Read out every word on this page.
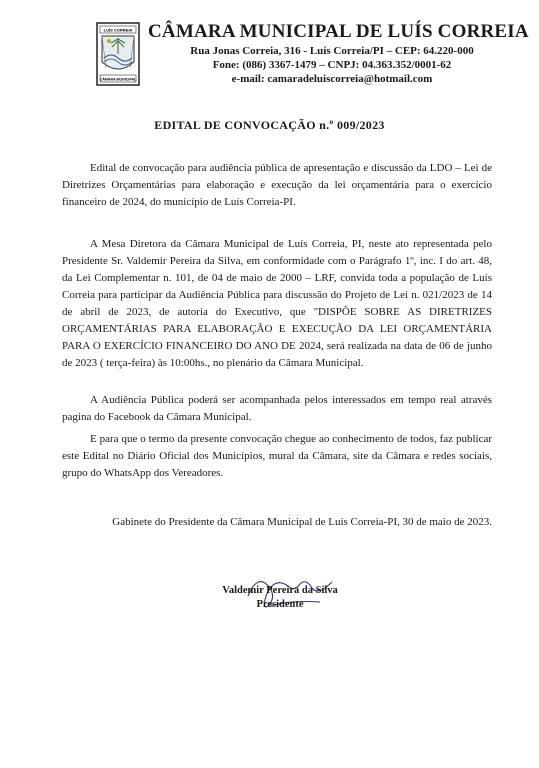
LUÍS CORREIA
CÂMARA MUNICIPAL
CÂMARA MUNICIPAL DE LUÍS CORREIA
Rua Jonas Correia, 316 - Luís Correia/PI – CEP: 64.220-000
Fone: (086) 3367-1479 – CNPJ: 04.363.352/0001-62
e-mail: camaradeluiscorreia@hotmail.com
EDITAL DE CONVOCAÇÃO n.º 009/2023

Edital de convocação para audiência pública de apresentação e discussão da LDO – Lei de Diretrizes Orçamentárias para elaboração e execução da lei orçamentária para o exercício financeiro de 2024, do município de Luís Correia-PI.

A Mesa Diretora da Câmara Municipal de Luís Correia, PI, neste ato representada pelo Presidente Sr. Valdemir Pereira da Silva, em conformidade com o Parágrafo 1º, inc. I do art. 48, da Lei Complementar n. 101, de 04 de maio de 2000 – LRF, convida toda a população de Luís Correia para participar da Audiência Pública para discussão do Projeto de Lei n. 021/2023 de 14 de abril de 2023, de autoria do Executivo, que "DISPÕE SOBRE AS DIRETRIZES ORÇAMENTÁRIAS PARA ELABORAÇÃO E EXECUÇÃO DA LEI ORÇAMENTÁRIA PARA O EXERCÍCIO FINANCEIRO DO ANO DE 2024, será realizada na data de 06 de junho de 2023 ( terça-feira) às 10:00hs., no plenário da Câmara Municipal.

A Audiência Pública poderá ser acompanhada pelos interessados em tempo real através pagina do Facebook da Câmara Municipal.

E para que o termo da presente convocação chegue ao conhecimento de todos, faz publicar este Edital no Diário Oficial dos Municípios, mural da Câmara, site da Câmara e redes sociais, grupo do WhatsApp dos Vereadores.

Gabinete do Presidente da Câmara Municipal de Luís Correia-PI, 30 de maio de 2023.
Valdemir Pereira da Silva
Presidente
